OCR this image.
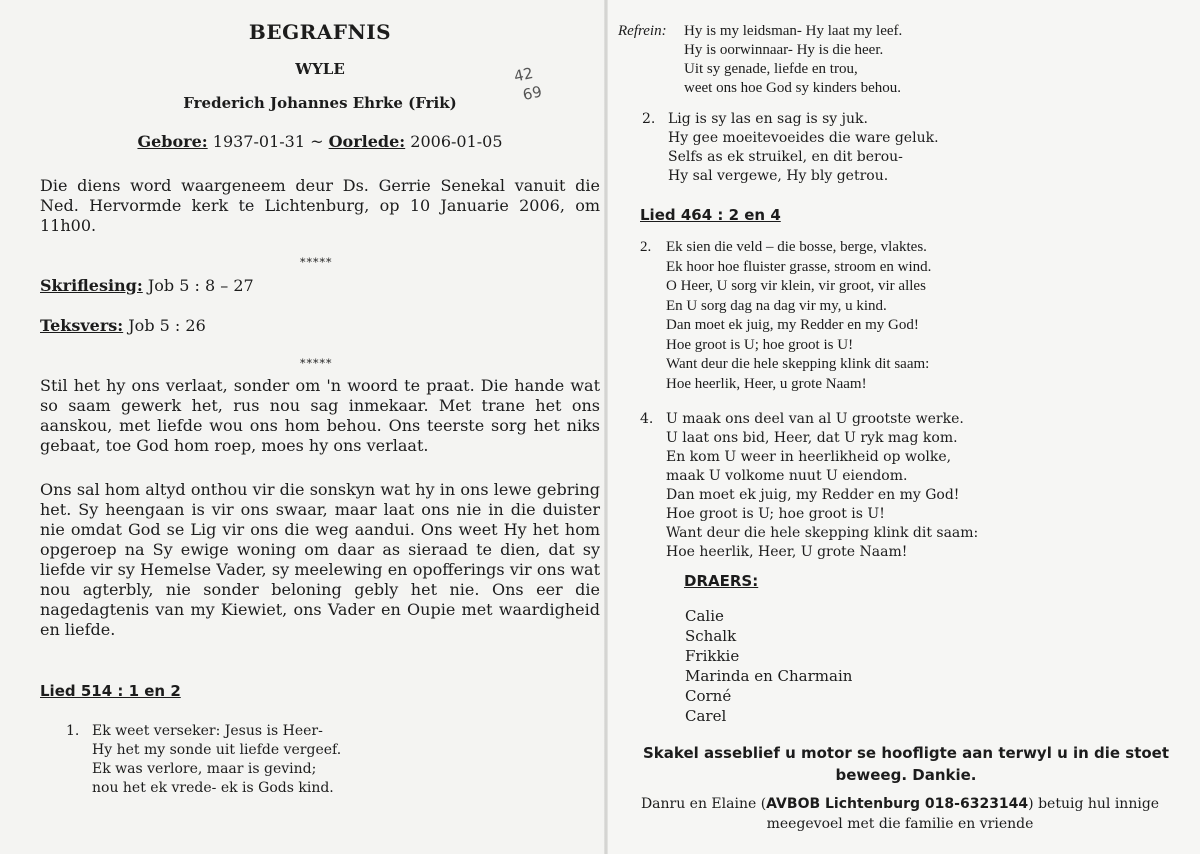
BEGRAFNIS
WYLE
Frederich Johannes Ehrke (Frik)
Gebore: 1937-01-31 ~ Oorlede: 2006-01-05
42
69
Die diens word waargeneem deur Ds. Gerrie Senekal vanuit die Ned. Hervormde kerk te Lichtenburg, op 10 Januarie 2006, om 11h00.
*****
Skriflesing: Job 5 : 8 – 27
Teksvers: Job 5 : 26
*****
Stil het hy ons verlaat, sonder om 'n woord te praat. Die hande wat so saam gewerk het, rus nou sag inmekaar. Met trane het ons aanskou, met liefde wou ons hom behou. Ons teerste sorg het niks gebaat, toe God hom roep, moes hy ons verlaat.
Ons sal hom altyd onthou vir die sonskyn wat hy in ons lewe gebring het. Sy heengaan is vir ons swaar, maar laat ons nie in die duister nie omdat God se Lig vir ons die weg aandui. Ons weet Hy het hom opgeroep na Sy ewige woning om daar as sieraad te dien, dat sy liefde vir sy Hemelse Vader, sy meelewing en opofferings vir ons wat nou agterbly, nie sonder beloning gebly het nie. Ons eer die nagedagtenis van my Kiewiet, ons Vader en Oupie met waardigheid en liefde.
Lied 514 : 1 en 2
1. Ek weet verseker: Jesus is Heer-
Hy het my sonde uit liefde vergeef.
Ek was verlore, maar is gevind;
nou het ek vrede- ek is Gods kind.
Refrein: Hy is my leidsman- Hy laat my leef.
Hy is oorwinnaar- Hy is die heer.
Uit sy genade, liefde en trou,
weet ons hoe God sy kinders behou.
2. Lig is sy las en sag is sy juk.
Hy gee moeitevoeides die ware geluk.
Selfs as ek struikel, en dit berou-
Hy sal vergewe, Hy bly getrou.
Lied 464 : 2 en 4
2. Ek sien die veld – die bosse, berge, vlaktes.
Ek hoor hoe fluister grasse, stroom en wind.
O Heer, U sorg vir klein, vir groot, vir alles
En U sorg dag na dag vir my, u kind.
Dan moet ek juig, my Redder en my God!
Hoe groot is U; hoe groot is U!
Want deur die hele skepping klink dit saam:
Hoe heerlik, Heer, u grote Naam!
4. U maak ons deel van al U grootste werke.
U laat ons bid, Heer, dat U ryk mag kom.
En kom U weer in heerlikheid op wolke,
maak U volkome nuut U eiendom.
Dan moet ek juig, my Redder en my God!
Hoe groot is U; hoe groot is U!
Want deur die hele skepping klink dit saam:
Hoe heerlik, Heer, U grote Naam!
DRAERS:
Calie
Schalk
Frikkie
Marinda en Charmain
Corné
Carel
Skakel asseblief u motor se hoofligte aan terwyl u in die stoet beweeg. Dankie.
Danru en Elaine (AVBOB Lichtenburg 018-6323144) betuig hul innige meegevoel met die familie en vriende
